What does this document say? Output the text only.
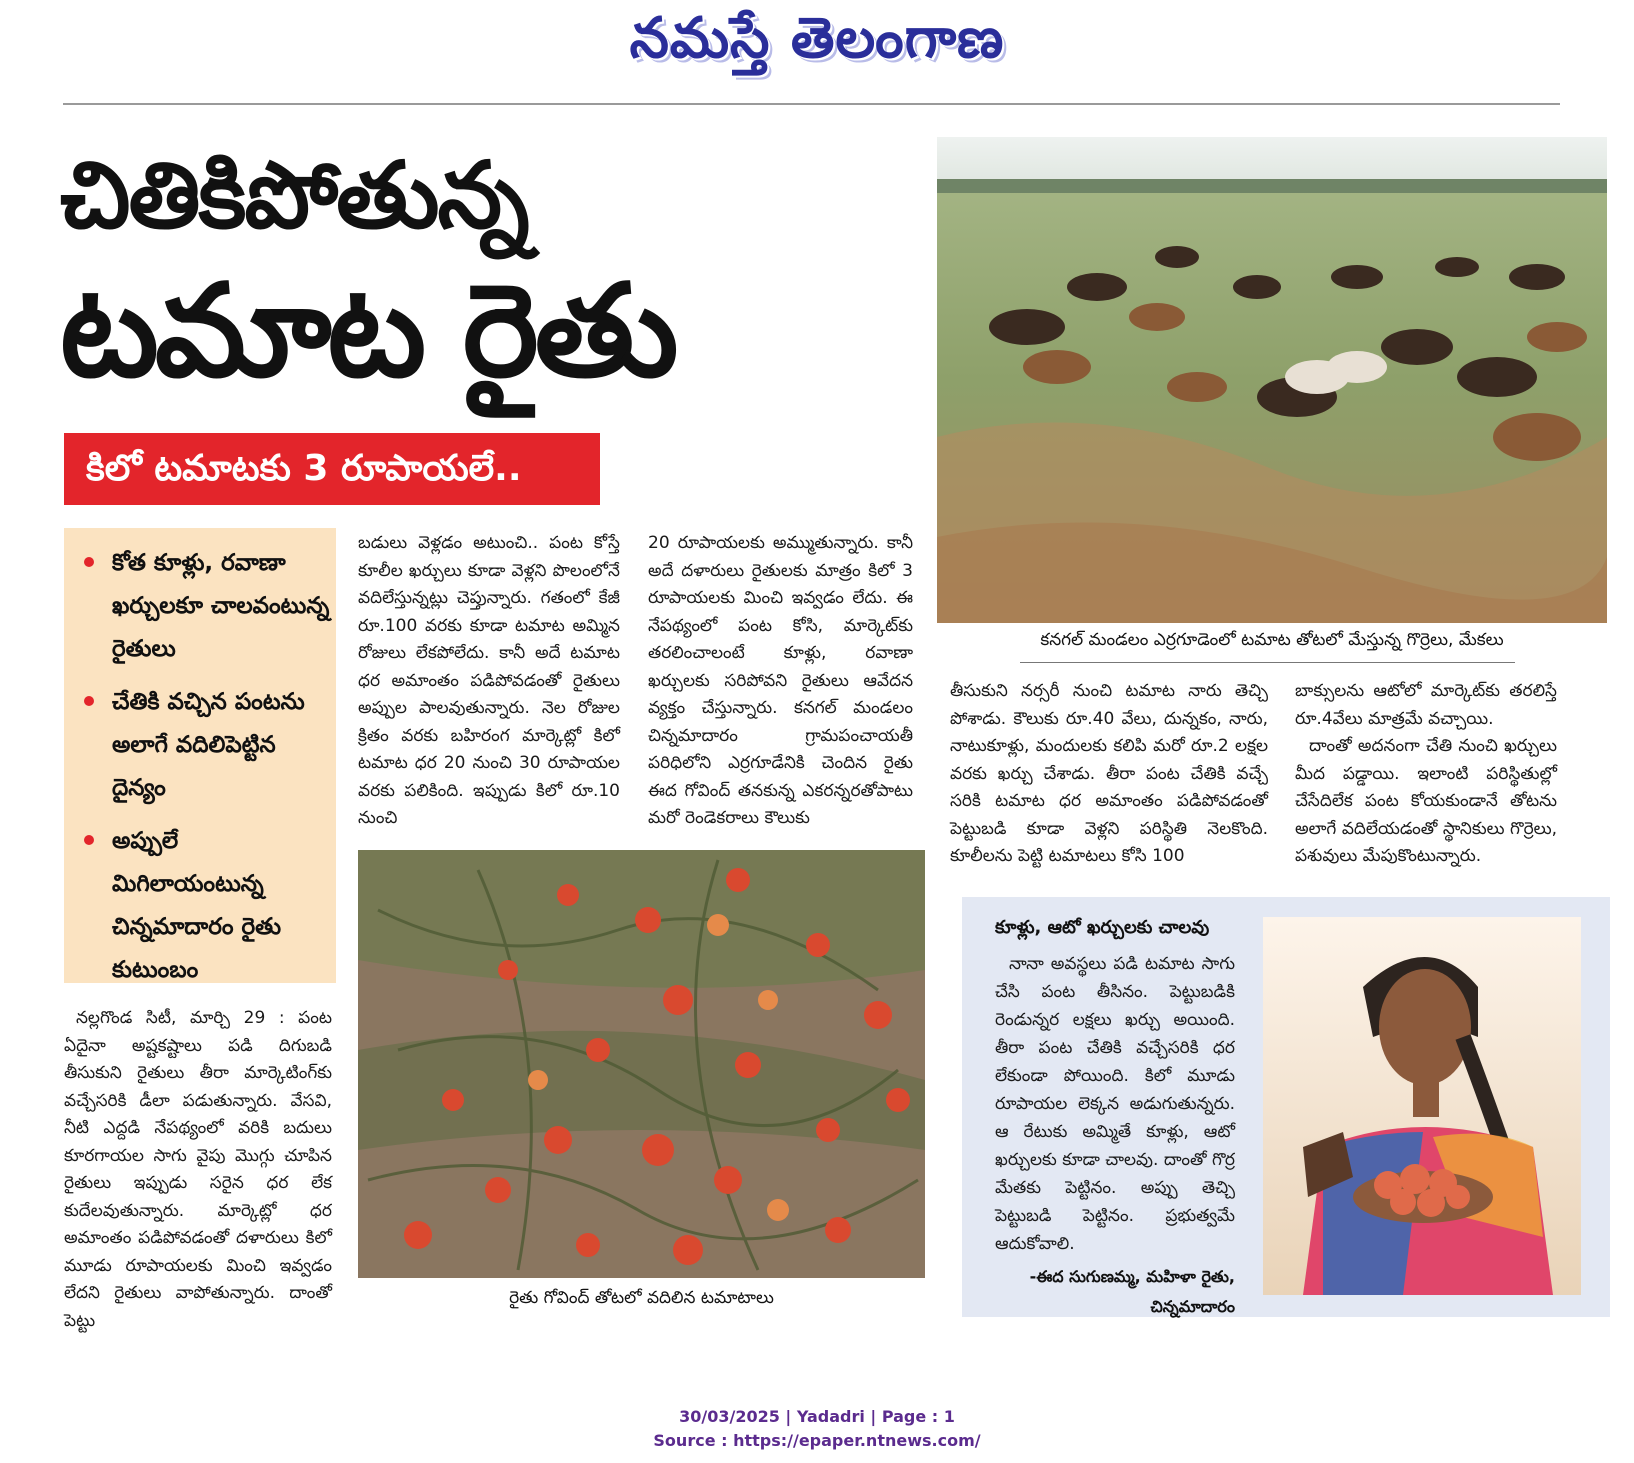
నమస్తే తెలంగాణ
చితికిపోతున్న
టమాట రైతు
కిలో టమాటకు 3 రూపాయలే..
కోత కూళ్లు, రవాణా ఖర్చులకూ చాలవంటున్న రైతులు
చేతికి వచ్చిన పంటను అలాగే వదిలిపెట్టిన దైన్యం
అప్పులే మిగిలాయంటున్న చిన్నమాదారం రైతు కుటుంబం
నల్లగొండ సిటీ, మార్చి 29 : పంట ఏదైనా అష్టకష్టాలు పడి దిగుబడి తీసుకుని రైతులు తీరా మార్కెటింగ్‌కు వచ్చేసరికి డీలా పడుతున్నారు. వేసవి, నీటి ఎద్దడి నేపథ్యంలో వరికి బదులు కూరగాయల సాగు వైపు మొగ్గు చూపిన రైతులు ఇప్పుడు సరైన ధర లేక కుదేలవుతున్నారు. మార్కెట్లో ధర అమాంతం పడిపోవడంతో దళారులు కిలో మూడు రూపాయలకు మించి ఇవ్వడం లేదని రైతులు వాపోతున్నారు. దాంతో పెట్టు
బడులు వెళ్లడం అటుంచి.. పంట కోస్తే కూలీల ఖర్చులు కూడా వెళ్లని పొలంలోనే వదిలేస్తున్నట్లు చెప్తున్నారు. గతంలో కేజీ రూ.100 వరకు కూడా టమాట అమ్మిన రోజులు లేకపోలేదు. కానీ అదే టమాట ధర అమాంతం పడిపోవడంతో రైతులు అప్పుల పాలవుతున్నారు. నెల రోజుల క్రితం వరకు బహిరంగ మార్కెట్లో కిలో టమాట ధర 20 నుంచి 30 రూపాయల వరకు పలికింది. ఇప్పుడు కిలో రూ.10 నుంచి
20 రూపాయలకు అమ్ముతున్నారు. కానీ అదే దళారులు రైతులకు మాత్రం కిలో 3 రూపాయలకు మించి ఇవ్వడం లేదు. ఈ నేపథ్యంలో పంట కోసి, మార్కెట్‌కు తరలించాలంటే కూళ్లు, రవాణా ఖర్చులకు సరిపోవని రైతులు ఆవేదన వ్యక్తం చేస్తున్నారు. కనగల్ మండలం చిన్నమాదారం గ్రామపంచాయతీ పరిధిలోని ఎర్రగూడేనికి చెందిన రైతు ఈద గోవింద్ తనకున్న ఎకరన్నరతోపాటు మరో రెండెకరాలు కౌలుకు
కనగల్ మండలం ఎర్రగూడెంలో టమాట తోటలో మేస్తున్న గొర్రెలు, మేకలు
తీసుకుని నర్సరీ నుంచి టమాట నారు తెచ్చి పోశాడు. కౌలుకు రూ.40 వేలు, దున్నకం, నారు, నాటుకూళ్లు, మందులకు కలిపి మరో రూ.2 లక్షల వరకు ఖర్చు చేశాడు. తీరా పంట చేతికి వచ్చే సరికి టమాట ధర అమాంతం పడిపోవడంతో పెట్టుబడి కూడా వెళ్లని పరిస్థితి నెలకొంది. కూలీలను పెట్టి టమాటలు కోసి 100
బాక్సులను ఆటోలో మార్కెట్‌కు తరలిస్తే రూ.4వేలు మాత్రమే వచ్చాయి.
దాంతో అదనంగా చేతి నుంచి ఖర్చులు మీద పడ్డాయి. ఇలాంటి పరిస్థితుల్లో చేసేదిలేక పంట కోయకుండానే తోటను అలాగే వదిలేయడంతో స్థానికులు గొర్రెలు, పశువులు మేపుకొంటున్నారు.
రైతు గోవింద్ తోటలో వదిలిన టమాటాలు
కూళ్లు, ఆటో ఖర్చులకు చాలవు
నానా అవస్థలు పడి టమాట సాగు చేసి పంట తీసినం. పెట్టుబడికి రెండున్నర లక్షలు ఖర్చు అయింది. తీరా పంట చేతికి వచ్చేసరికి ధర లేకుండా పోయింది. కిలో మూడు రూపాయల లెక్కన అడుగుతున్నరు. ఆ రేటుకు అమ్మితే కూళ్లు, ఆటో ఖర్చులకు కూడా చాలవు. దాంతో గొర్ర మేతకు పెట్టినం. అప్పు తెచ్చి పెట్టుబడి పెట్టినం. ప్రభుత్వమే ఆదుకోవాలి.
-ఈద సుగుణమ్మ, మహిళా రైతు,
చిన్నమాదారం
30/03/2025 | Yadadri | Page : 1
Source : https://epaper.ntnews.com/
